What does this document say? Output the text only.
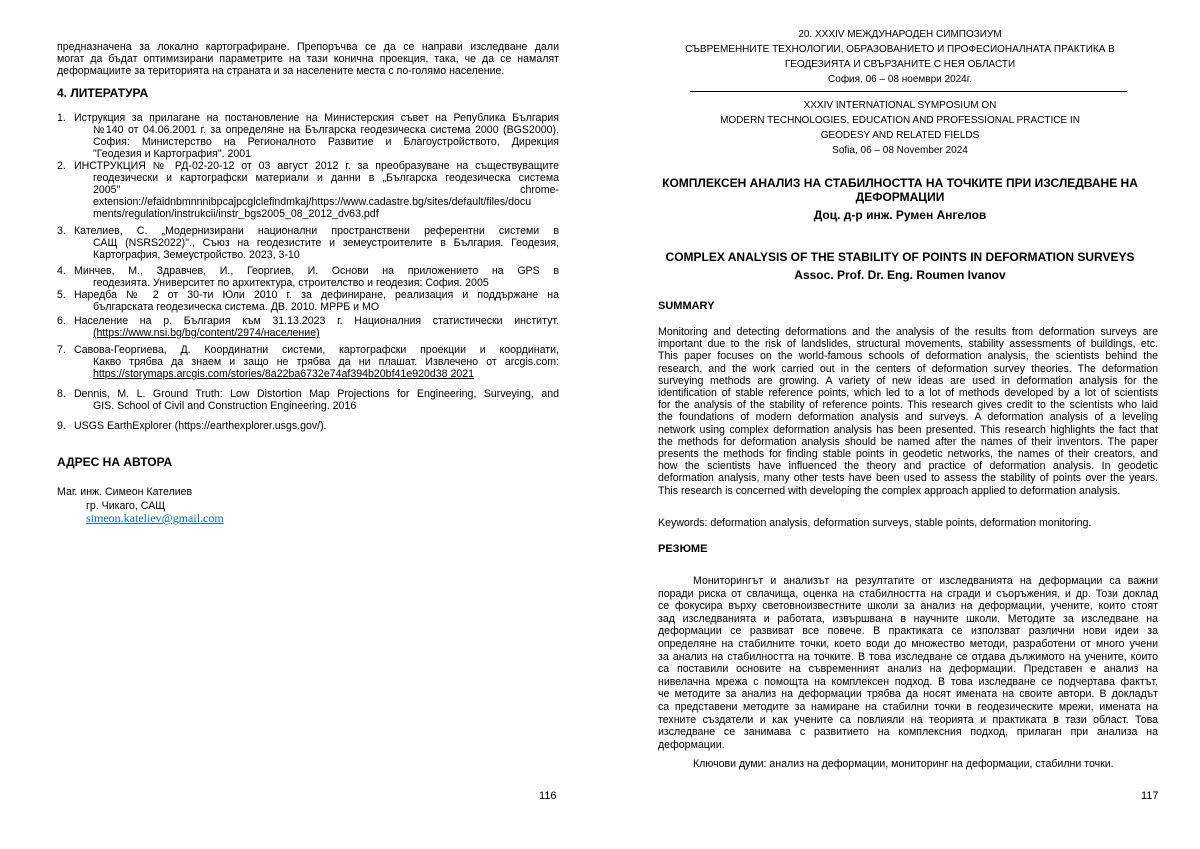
предназначена за локално картографиране. Препоръчва се да се направи изследване дали
могат да бъдат оптимизирани параметрите на тази конична проекция, така, че да се намалят
деформациите за територията на страната и за населените места с по-голямо население.
4. ЛИТЕРАТУРА
1. Иструкция за прилагане на постановление на Министерския съвет на Република България
№140 от 04.06.2001 г. за определяне на Българска геодезическа система 2000 (BGS2000).
София: Министерство на Регионалното Развитие и Благоустройството, Дирекция
"Геодезия и Картография". 2001
2. ИНСТРУКЦИЯ № РД-02-20-12 от 03 август 2012 г. за преобразуване на съществуващите
геодезически и картографски материали и данни в „Българска геодезическа система
2005" chrome-
extension://efaidnbmnnnibpcajpcglclefindmkaj/https://www.cadastre.bg/sites/default/files/docu
ments/regulation/instrukcii/instr_bgs2005_08_2012_dv63.pdf
3. Кателиев, С. „Модернизирани национални пространствени референтни системи в
САЩ (NSRS2022)"., Съюз на геодезистите и земеустроителите в България. Геодезия,
Картография, Земеустройство. 2023, 3-10
4. Минчев, М., Здравчев, И., Георгиев, И. Основи на приложението на GPS в
геодезията. Университет по архитектура, строителство и геодезия: София. 2005
5. Наредба № 2 от 30-ти Юли 2010 г. за дефиниране, реализация и поддържане на
българската геодезическа система. ДВ. 2010. МРРБ и МО
6. Население на р. България към 31.13.2023 г. Националния статистически институт.
(https://www.nsi.bg/bg/content/2974/население)
7. Савова-Георгиева, Д. Координатни системи, картографски проекции и координати,
Какво трябва да знаем и защо не трябва да ни плашат. Извлечено от arcgis.com:
https://storymaps.arcgis.com/stories/8a22ba6732e74af394b20bf41e920d38 2021
8. Dennis, M. L. Ground Truth: Low Distortion Map Projections for Engineering, Surveying, and
GIS. School of Civil and Construction Engineering. 2016
9. USGS EarthExplorer (https://earthexplorer.usgs.gov/).
АДРЕС НА АВТОРА
Маг. инж. Симеон Кателиев
гр. Чикаго, САЩ
simeon.kateliev@gmail.com
116
20. XXXIV МЕЖДУНАРОДЕН СИМПОЗИУМ
СЪВРЕМЕННИТЕ ТЕХНОЛОГИИ, ОБРАЗОВАНИЕТО И ПРОФЕСИОНАЛНАТА ПРАКТИКА В
ГЕОДЕЗИЯТА И СВЪРЗАНИТЕ С НЕЯ ОБЛАСТИ
София, 06 – 08 ноември 2024г.
XXXIV INTERNATIONAL SYMPOSIUM ON
MODERN TECHNOLOGIES, EDUCATION AND PROFESSIONAL PRACTICE IN
GEODESY AND RELATED FIELDS
Sofia, 06 – 08 November 2024
КОМПЛЕКСЕН АНАЛИЗ НА СТАБИЛНОСТТА НА ТОЧКИТЕ ПРИ ИЗСЛЕДВАНЕ НА
ДЕФОРМАЦИИ
Доц. д-р инж. Румен Ангелов
COMPLEX ANALYSIS OF THE STABILITY OF POINTS IN DEFORMATION SURVEYS
Assoc. Prof. Dr. Eng. Roumen Ivanov
SUMMARY
Monitoring and detecting deformations and the analysis of the results from deformation surveys are
important due to the risk of landslides, structural movements, stability assessments of buildings, etc.
This paper focuses on the world-famous schools of deformation analysis, the scientists behind the
research, and the work carried out in the centers of deformation survey theories. The deformation
surveying methods are growing. A variety of new ideas are used in deformation analysis for the
identification of stable reference points, which led to a lot of methods developed by a lot of scientists
for the analysis of the stability of reference points. This research gives credit to the scientists who laid
the foundations of modern deformation analysis and surveys. A deformation analysis of a leveling
network using complex deformation analysis has been presented. This research highlights the fact that
the methods for deformation analysis should be named after the names of their inventors. The paper
presents the methods for finding stable points in geodetic networks, the names of their creators, and
how the scientists have influenced the theory and practice of deformation analysis. In geodetic
deformation analysis, many other tests have been used to assess the stability of points over the years.
This research is concerned with developing the complex approach applied to deformation analysis.
Keywords: deformation analysis, deformation surveys, stable points, deformation monitoring.
РЕЗЮМЕ
Мониторингът и анализът на резултатите от изследванията на деформации са важни
поради риска от свлачища, оценка на стабилността на сгради и съоръжения, и др. Този доклад
се фокусира върху световноизвестните школи за анализ на деформации, учените, които стоят
зад изследванията и работата, извършвана в научните школи. Методите за изследване на
деформации се развиват все повече. В практиката се използват различни нови идеи за
определяне на стабилните точки, което води до множество методи, разработени от много учени
за анализ на стабилността на точките. В това изследване се отдава дължимото на учените, които
са поставили основите на съвременният анализ на деформации. Представен е анализ на
нивелачна мрежа с помощта на комплексен подход. В това изследване се подчертава фактът,
че методите за анализ на деформации трябва да носят имената на своите автори. В докладът
са представени методите за намиране на стабилни точки в геодезическите мрежи, имената на
техните създатели и как учените са повлияли на теорията и практиката в тази област. Това
изследване се занимава с развитието на комплексния подход, прилаган при анализа на
деформации.
Ключови думи: анализ на деформации, мониторинг на деформации, стабилни точки.
117
